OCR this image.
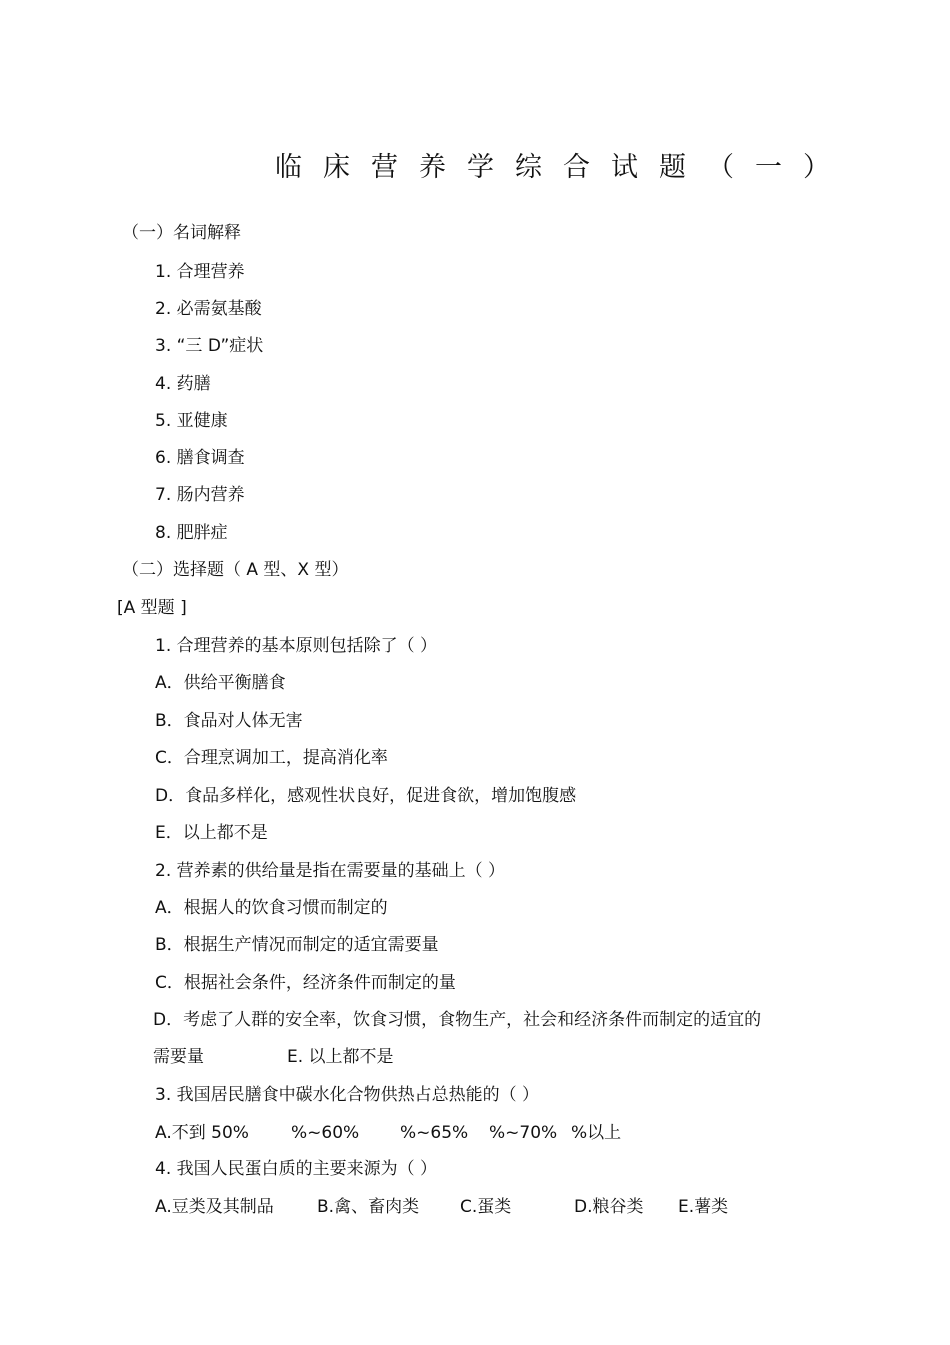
临床营养学综合试题（一）
（一）名词解释
1. 合理营养
2. 必需氨基酸
3. “三 D”症状
4. 药膳
5. 亚健康
6. 膳食调查
7. 肠内营养
8. 肥胖症
（二）选择题（ A 型、X 型）
[A 型题 ]
1. 合理营养的基本原则包括除了（ ）
A．供给平衡膳食
B．食品对人体无害
C．合理烹调加工，提高消化率
D．食品多样化，感观性状良好，促进食欲，增加饱腹感
E．以上都不是
2. 营养素的供给量是指在需要量的基础上（ ）
A．根据人的饮食习惯而制定的
B．根据生产情况而制定的适宜需要量
C．根据社会条件，经济条件而制定的量
D．考虑了人群的安全率，饮食习惯，食物生产，社会和经济条件而制定的适宜的
需要量	E. 以上都不是
3. 我国居民膳食中碳水化合物供热占总热能的（ ）
A.不到 50% %~60% %~65% %~70% %以上
4. 我国人民蛋白质的主要来源为（ ）
A.豆类及其制品	B.禽、畜肉类 C.蛋类	D.粮谷类 E.薯类
